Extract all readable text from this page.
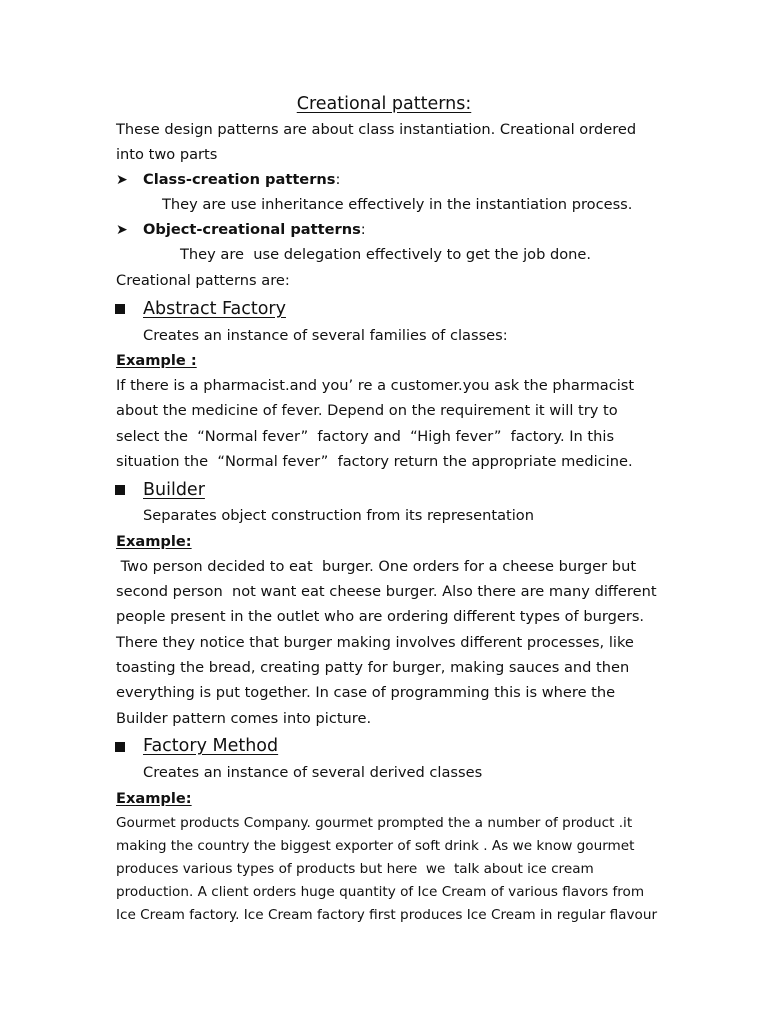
Creational patterns:
These design patterns are about class instantiation. Creational ordered
into two parts
➤ Class-creation patterns:
They are use inheritance effectively in the instantiation process.
➤ Object-creational patterns:
They are  use delegation effectively to get the job done.
Creational patterns are:
Abstract Factory
Creates an instance of several families of classes:
Example :
If there is a pharmacist.and you’ re a customer.you ask the pharmacist
about the medicine of fever. Depend on the requirement it will try to
select the  “Normal fever”  factory and  “High fever”  factory. In this
situation the  “Normal fever”  factory return the appropriate medicine.
Builder
Separates object construction from its representation
Example:
Two person decided to eat  burger. One orders for a cheese burger but
second person  not want eat cheese burger. Also there are many different
people present in the outlet who are ordering different types of burgers.
There they notice that burger making involves different processes, like
toasting the bread, creating patty for burger, making sauces and then
everything is put together. In case of programming this is where the
Builder pattern comes into picture.
Factory Method
Creates an instance of several derived classes
Example:
Gourmet products Company. gourmet prompted the a number of product .it
making the country the biggest exporter of soft drink . As we know gourmet
produces various types of products but here  we  talk about ice cream
production. A client orders huge quantity of Ice Cream of various flavors from
Ice Cream factory. Ice Cream factory first produces Ice Cream in regular flavour
